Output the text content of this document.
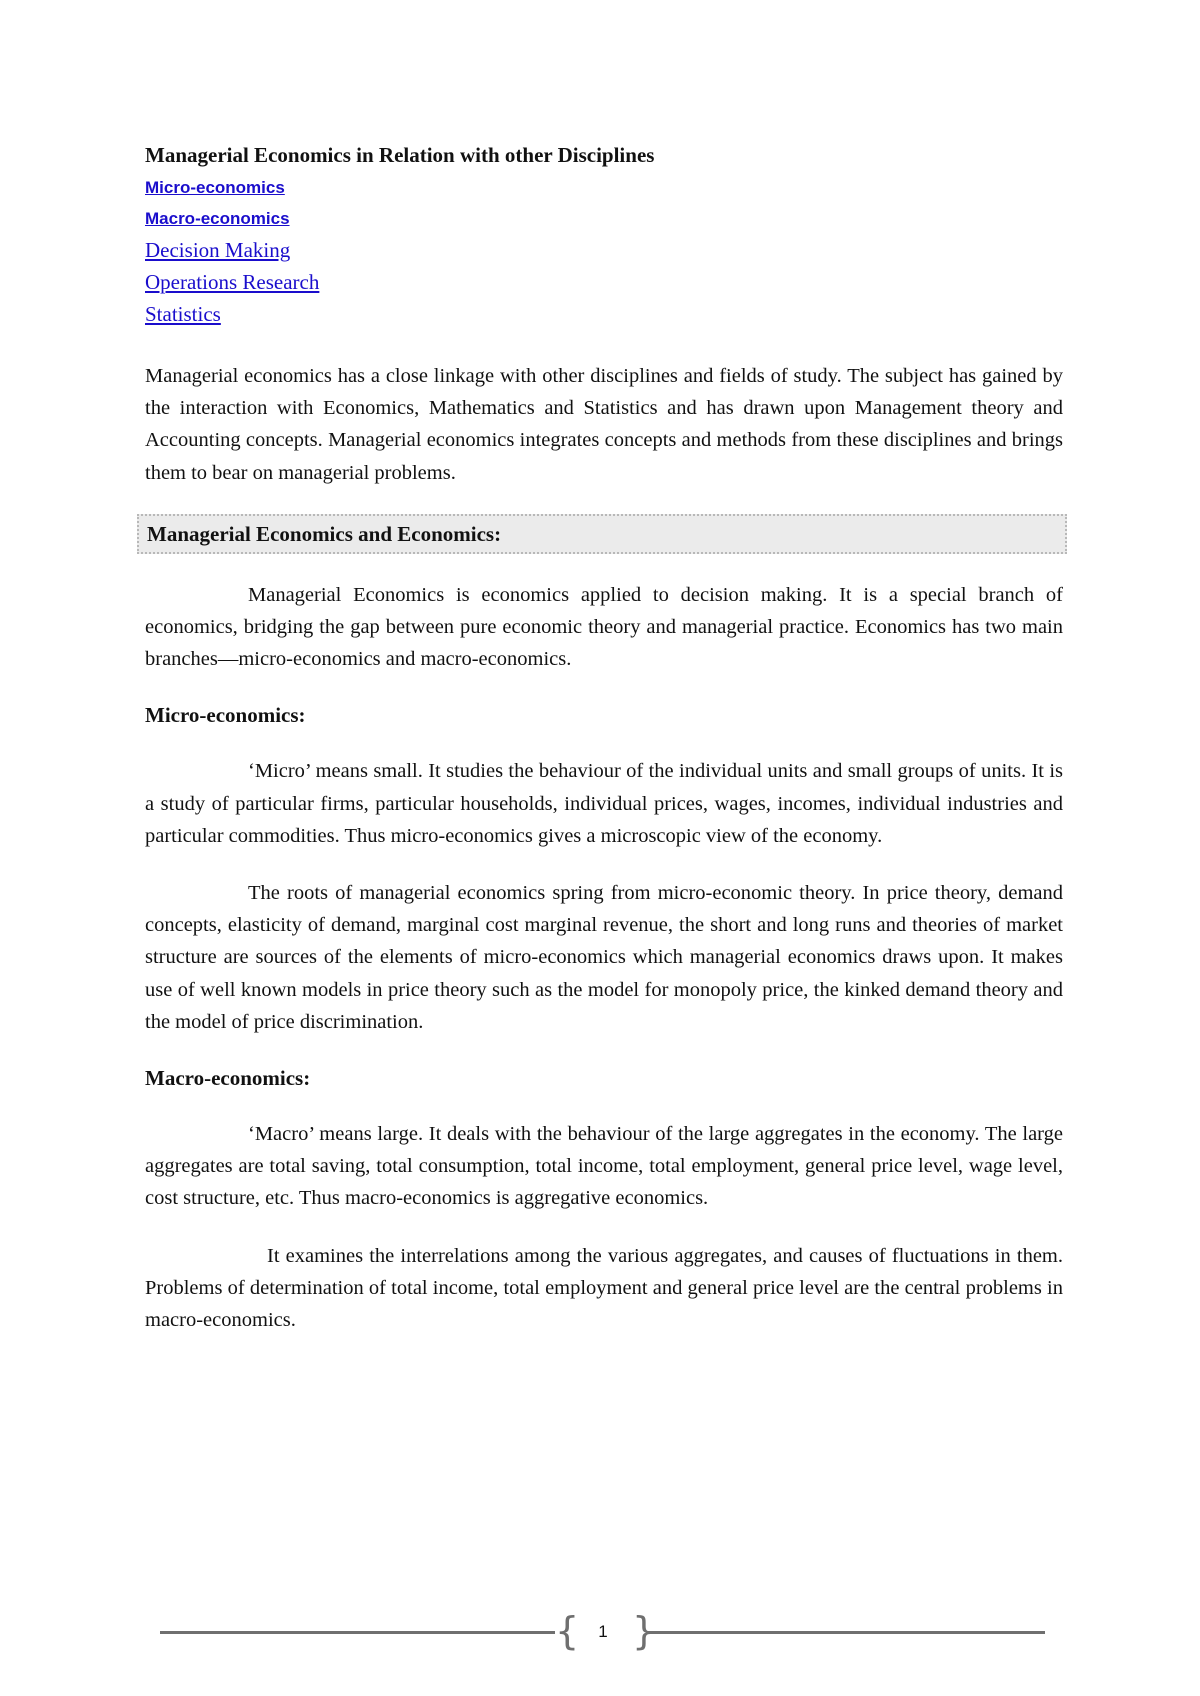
Managerial Economics in Relation with other Disciplines
Micro-economics
Macro-economics
Decision Making
Operations Research
Statistics

Managerial economics has a close linkage with other disciplines and fields of study. The subject has gained by the interaction with Economics, Mathematics and Statistics and has drawn upon Management theory and Accounting concepts. Managerial economics integrates concepts and methods from these disciplines and brings them to bear on managerial problems.

Managerial Economics and Economics:

Managerial Economics is economics applied to decision making. It is a special branch of economics, bridging the gap between pure economic theory and managerial practice. Economics has two main branches—micro-economics and macro-economics.

Micro-economics:

‘Micro’ means small. It studies the behaviour of the individual units and small groups of units. It is a study of particular firms, particular households, individual prices, wages, incomes, individual industries and particular commodities. Thus micro-economics gives a microscopic view of the economy.

The roots of managerial economics spring from micro-economic theory. In price theory, demand concepts, elasticity of demand, marginal cost marginal revenue, the short and long runs and theories of market structure are sources of the elements of micro-economics which managerial economics draws upon. It makes use of well known models in price theory such as the model for monopoly price, the kinked demand theory and the model of price discrimination.

Macro-economics:

‘Macro’ means large. It deals with the behaviour of the large aggregates in the economy. The large aggregates are total saving, total consumption, total income, total employment, general price level, wage level, cost structure, etc. Thus macro-economics is aggregative economics.

It examines the interrelations among the various aggregates, and causes of fluctuations in them. Problems of determination of total income, total employment and general price level are the central problems in macro-economics.

{	1 }
